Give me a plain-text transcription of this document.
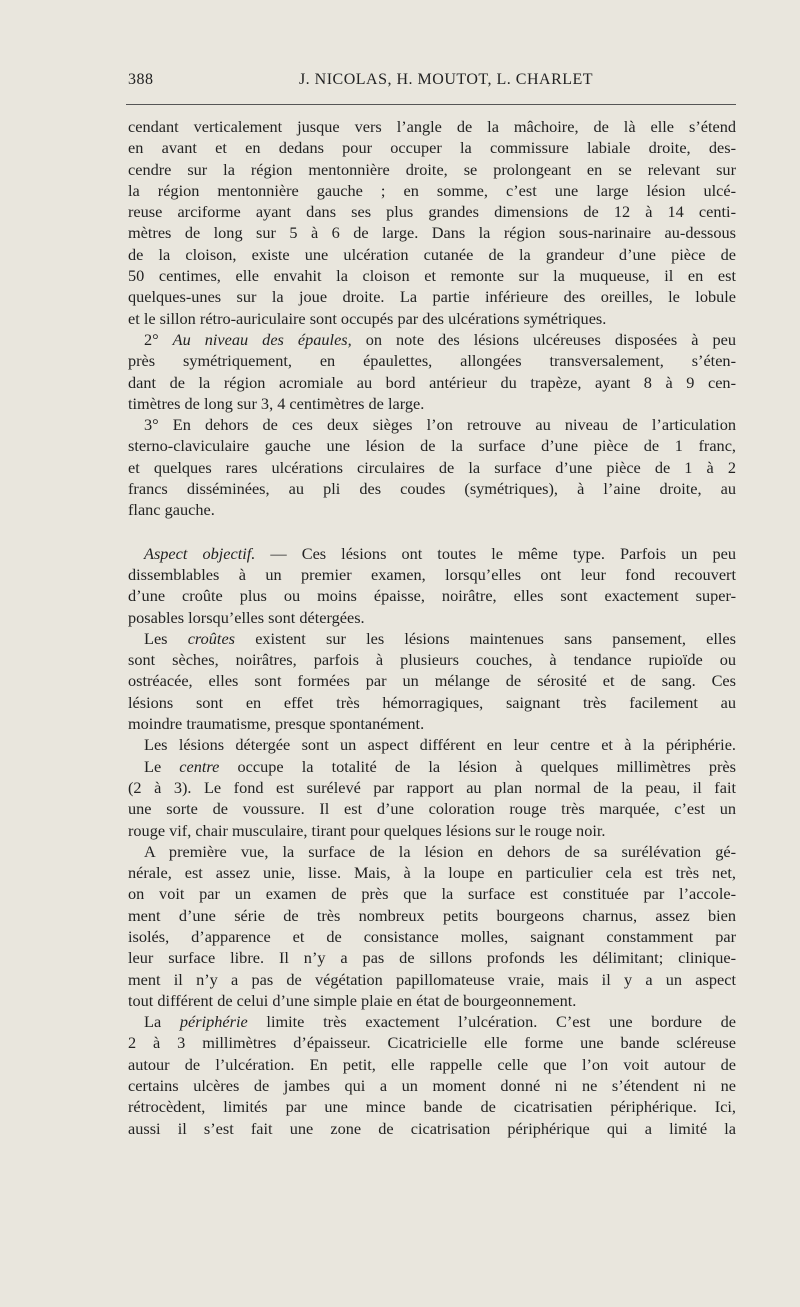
388	J. NICOLAS, H. MOUTOT, L. CHARLET
cendant verticalement jusque vers l’angle de la mâchoire, de là elle s’étend
en avant et en dedans pour occuper la commissure labiale droite, des-
cendre sur la région mentonnière droite, se prolongeant en se relevant sur
la région mentonnière gauche ; en somme, c’est une large lésion ulcé-
reuse arciforme ayant dans ses plus grandes dimensions de 12 à 14 centi-
mètres de long sur 5 à 6 de large. Dans la région sous-narinaire au-dessous
de la cloison, existe une ulcération cutanée de la grandeur d’une pièce de
50 centimes, elle envahit la cloison et remonte sur la muqueuse, il en est
quelques-unes sur la joue droite. La partie inférieure des oreilles, le lobule
et le sillon rétro-auriculaire sont occupés par des ulcérations symétriques.
2° Au niveau des épaules, on note des lésions ulcéreuses disposées à peu
près symétriquement, en épaulettes, allongées transversalement, s’éten-
dant de la région acromiale au bord antérieur du trapèze, ayant 8 à 9 cen-
timètres de long sur 3, 4 centimètres de large.
3° En dehors de ces deux sièges l’on retrouve au niveau de l’articulation
sterno-claviculaire gauche une lésion de la surface d’une pièce de 1 franc,
et quelques rares ulcérations circulaires de la surface d’une pièce de 1 à 2
francs disséminées, au pli des coudes (symétriques), à l’aine droite, au
flanc gauche.
Aspect objectif. — Ces lésions ont toutes le même type. Parfois un peu
dissemblables à un premier examen, lorsqu’elles ont leur fond recouvert
d’une croûte plus ou moins épaisse, noirâtre, elles sont exactement super-
posables lorsqu’elles sont détergées.
Les croûtes existent sur les lésions maintenues sans pansement, elles
sont sèches, noirâtres, parfois à plusieurs couches, à tendance rupioïde ou
ostréacée, elles sont formées par un mélange de sérosité et de sang. Ces
lésions sont en effet très hémorragiques, saignant très facilement au
moindre traumatisme, presque spontanément.
Les lésions détergée sont un aspect différent en leur centre et à la périphérie.
Le centre occupe la totalité de la lésion à quelques millimètres près
(2 à 3). Le fond est surélevé par rapport au plan normal de la peau, il fait
une sorte de voussure. Il est d’une coloration rouge très marquée, c’est un
rouge vif, chair musculaire, tirant pour quelques lésions sur le rouge noir.
A première vue, la surface de la lésion en dehors de sa surélévation gé-
nérale, est assez unie, lisse. Mais, à la loupe en particulier cela est très net,
on voit par un examen de près que la surface est constituée par l’accole-
ment d’une série de très nombreux petits bourgeons charnus, assez bien
isolés, d’apparence et de consistance molles, saignant constamment par
leur surface libre. Il n’y a pas de sillons profonds les délimitant; clinique-
ment il n’y a pas de végétation papillomateuse vraie, mais il y a un aspect
tout différent de celui d’une simple plaie en état de bourgeonnement.
La périphérie limite très exactement l’ulcération. C’est une bordure de
2 à 3 millimètres d’épaisseur. Cicatricielle elle forme une bande scléreuse
autour de l’ulcération. En petit, elle rappelle celle que l’on voit autour de
certains ulcères de jambes qui a un moment donné ni ne s’étendent ni ne
rétrocèdent, limités par une mince bande de cicatrisatien périphérique. Ici,
aussi il s’est fait une zone de cicatrisation périphérique qui a limité la
